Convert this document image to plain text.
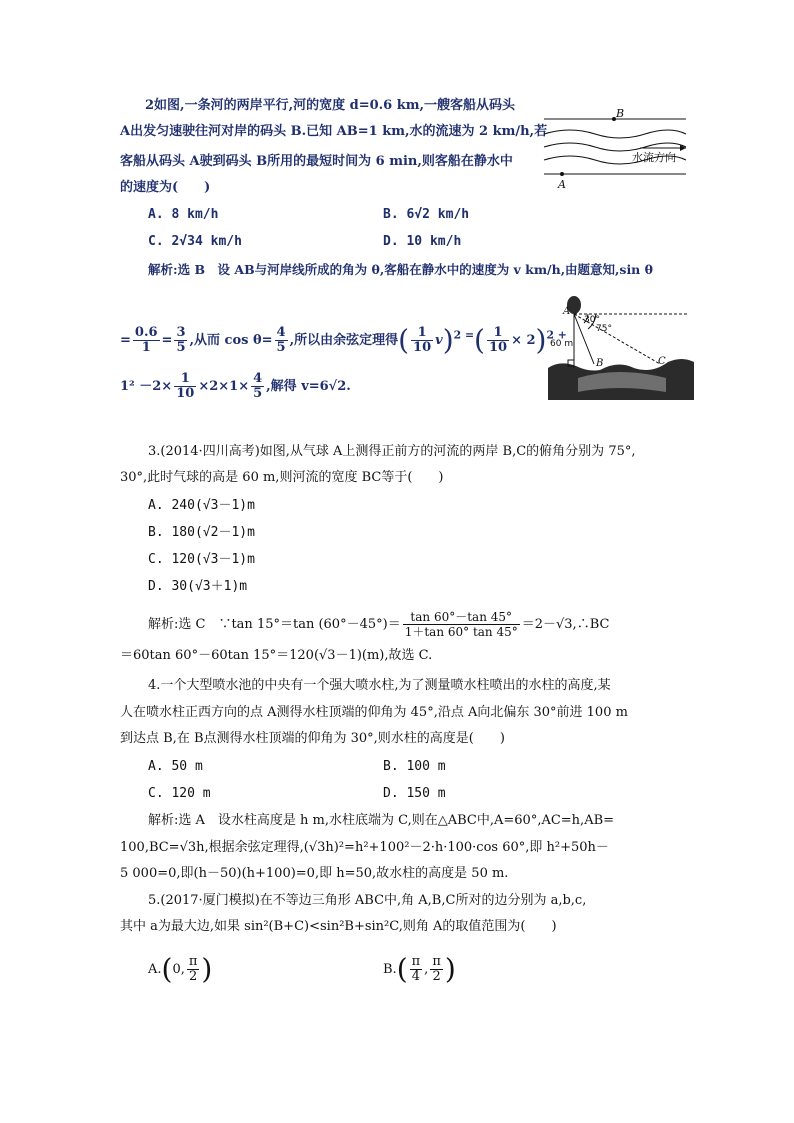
2如图,一条河的两岸平行,河的宽度 d=0.6 km,一艘客船从码头
A出发匀速驶往河对岸的码头 B.已知 AB=1 km,水的流速为 2 km/h,若
客船从码头 A驶到码头 B所用的最短时间为 6 min,则客船在静水中
的速度为(　　)
B
A
水流方向
A. 8 km/h	B. 6√2 km/h
C. 2√34 km/h	D. 10 km/h
解析:选 B　设 AB与河岸线所成的角为 θ,客船在静水中的速度为 v km/h,由题意知,sin θ
= $\frac{0.6}{1} = \frac{3}{5}$ ,从而 $\cos \theta= \frac{4}{5}$ ,所以由余弦定理得( $\frac{1}{10} v)^{2 =}( \frac{1}{10} \times 2)^{2 +}$
$1^2 -2\times \frac{1}{10} \times 2\times 1\times \frac{4}{5}$ ,解得 v=6√2.
A
30°
75°
60 m
B	C
3.(2014·四川高考)如图,从气球 A上测得正前方的河流的两岸 B,C的俯角分别为 75°,
30°,此时气球的高是 60 m,则河流的宽度 BC等于(　　)
A. 240(√3－1)m
B. 180(√2－1)m
C. 120(√3－1)m
D. 30(√3＋1)m
解析:选 C　∵tan 15°＝tan $(60^\circ-45^\circ)= \frac{\tan 60^\circ-\tan 45^\circ}{1+\tan 60^\circ \tan 45^\circ}$ ＝2－√3,∴BC
＝60tan 60°－60tan 15°＝120(√3－1)(m),故选 C.
4.一个大型喷水池的中央有一个强大喷水柱,为了测量喷水柱喷出的水柱的高度,某
人在喷水柱正西方向的点 A测得水柱顶端的仰角为 45°,沿点 A向北偏东 30°前进 100 m
到达点 B,在 B点测得水柱顶端的仰角为 30°,则水柱的高度是(　　)
A. 50 m	B. 100 m
C. 120 m	D. 150 m
解析:选 A　设水柱高度是 h m,水柱底端为 C,则在△ABC中,A=60°,AC=h,AB=
100,BC=√3h,根据余弦定理得,(√3h)²=h²+100²－2·h·100·cos 60°,即 h²+50h－
5 000=0,即(h－50)(h+100)=0,即 h=50,故水柱的高度是 50 m.
5.(2017·厦门模拟)在不等边三角形 ABC中,角 A,B,C所对的边分别为 a,b,c,
其中 a为最大边,如果 sin²(B+C)<sin²B+sin²C,则角 A的取值范围为(　　)
A.(0, $\frac{\pi}{2}$ )	$B.( \frac{\pi}{4}$ , $\frac{\pi}{2}$ )
